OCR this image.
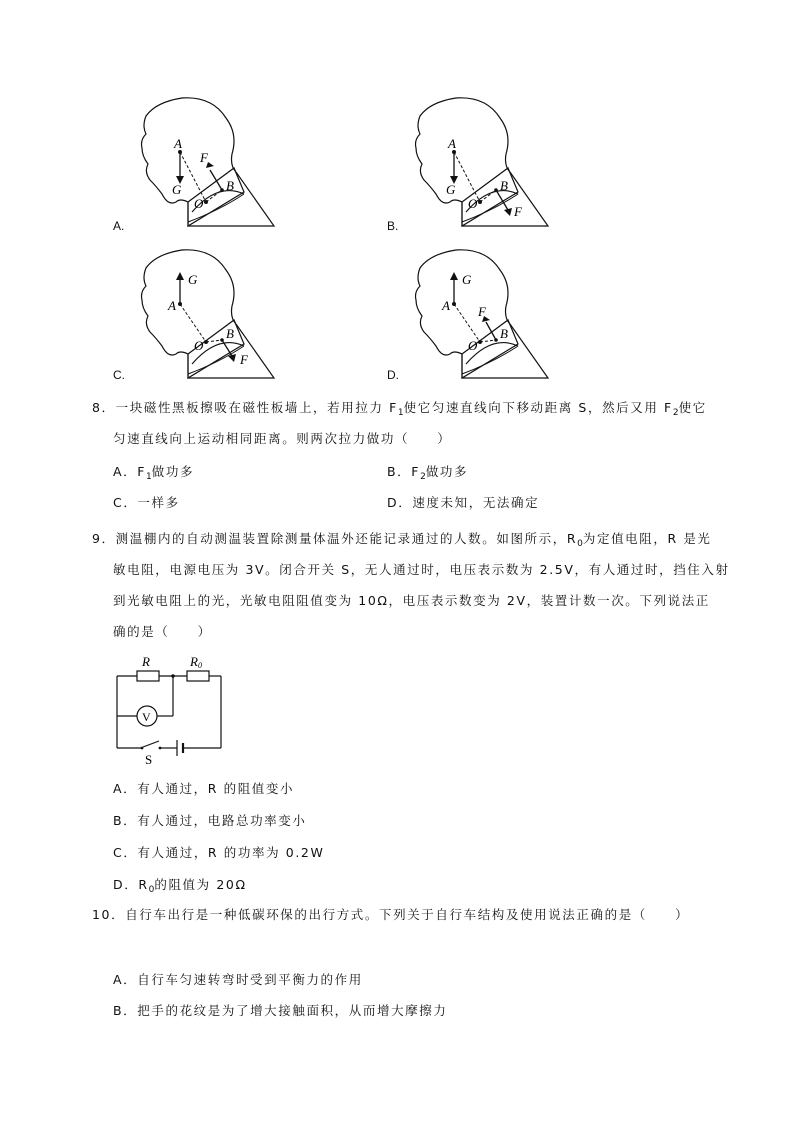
A
G
F
B
O
A.
A
G
F
B
O
B.
A
G
F
B
O
C.
A
G
F
B
O
D.
8．一块磁性黑板擦吸在磁性板墙上，若用拉力 $F_1$使它匀速直线向下移动距离 S，然后又用 $F_2$使它
匀速直线向上运动相同距离。则两次拉力做功（　　）
A．$F_1$做功多	B．$F_2$做功多
C．一样多	D．速度未知，无法确定
9．测温棚内的自动测温装置除测量体温外还能记录通过的人数。如图所示，$R_0$为定值电阻，R 是光
敏电阻，电源电压为 3V。闭合开关 S，无人通过时，电压表示数为 2.5V，有人通过时，挡住入射
到光敏电阻上的光，光敏电阻阻值变为 10Ω，电压表示数变为 2V，装置计数一次。下列说法正
确的是（　　）
V
R	R0
S
A．有人通过，R 的阻值变小
B．有人通过，电路总功率变小
C．有人通过，R 的功率为 0.2W
D．$R_0$的阻值为 20Ω
10．自行车出行是一种低碳环保的出行方式。下列关于自行车结构及使用说法正确的是（　　）
A．自行车匀速转弯时受到平衡力的作用
B．把手的花纹是为了增大接触面积，从而增大摩擦力
